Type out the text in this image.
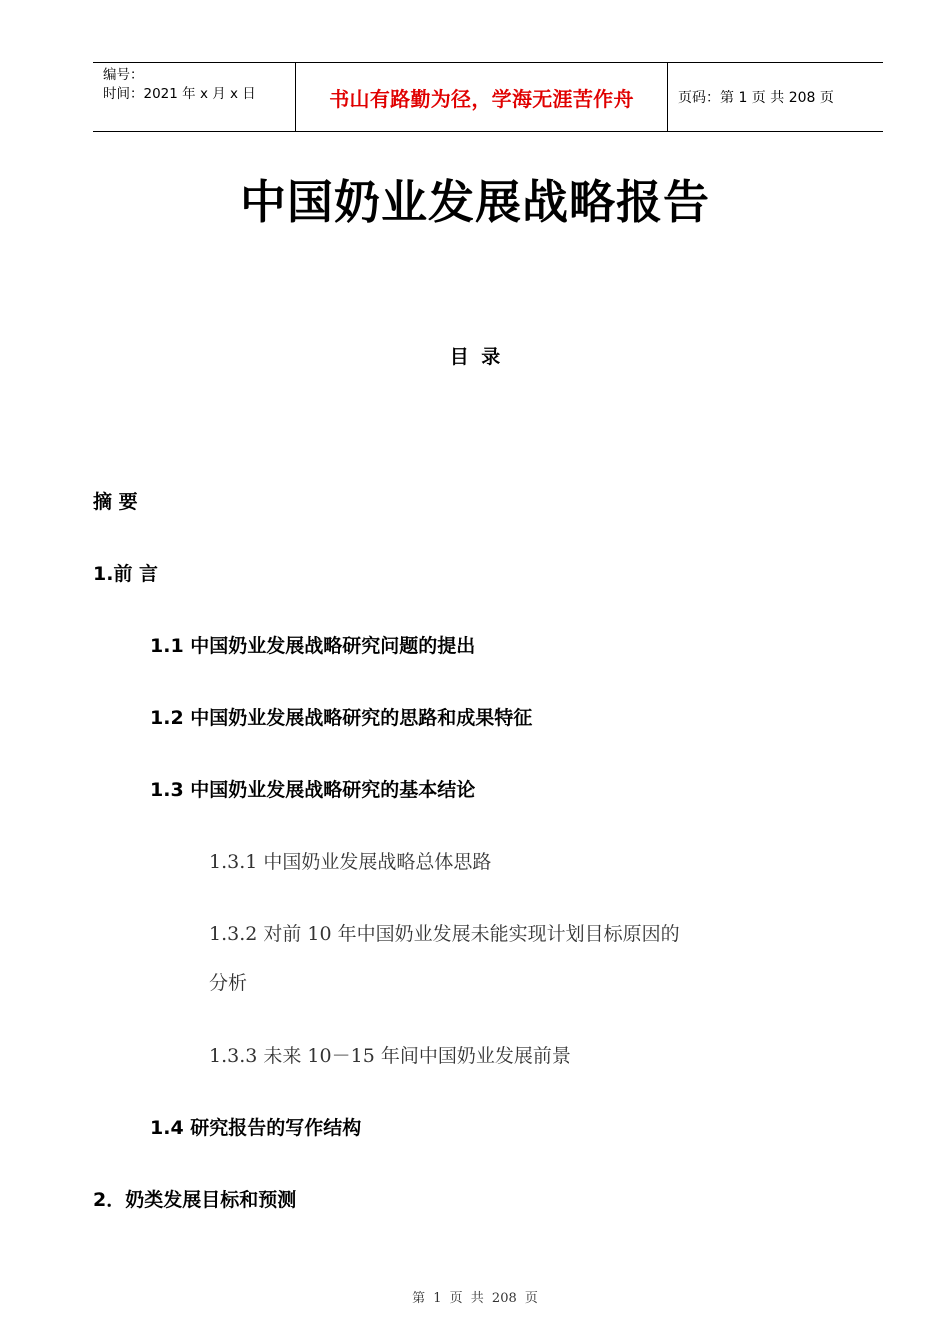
编号：
时间：2021 年 x 月 x 日	书山有路勤为径，学海无涯苦作舟	页码：第 1 页 共 208 页
中国奶业发展战略报告
目 录
摘 要
1.前 言
1.1 中国奶业发展战略研究问题的提出
1.2 中国奶业发展战略研究的思路和成果特征
1.3 中国奶业发展战略研究的基本结论
1.3.1 中国奶业发展战略总体思路
1.3.2 对前 10 年中国奶业发展未能实现计划目标原因的
分析
1.3.3 未来 10－15 年间中国奶业发展前景
1.4 研究报告的写作结构
2．奶类发展目标和预测
第 1 页 共 208 页
